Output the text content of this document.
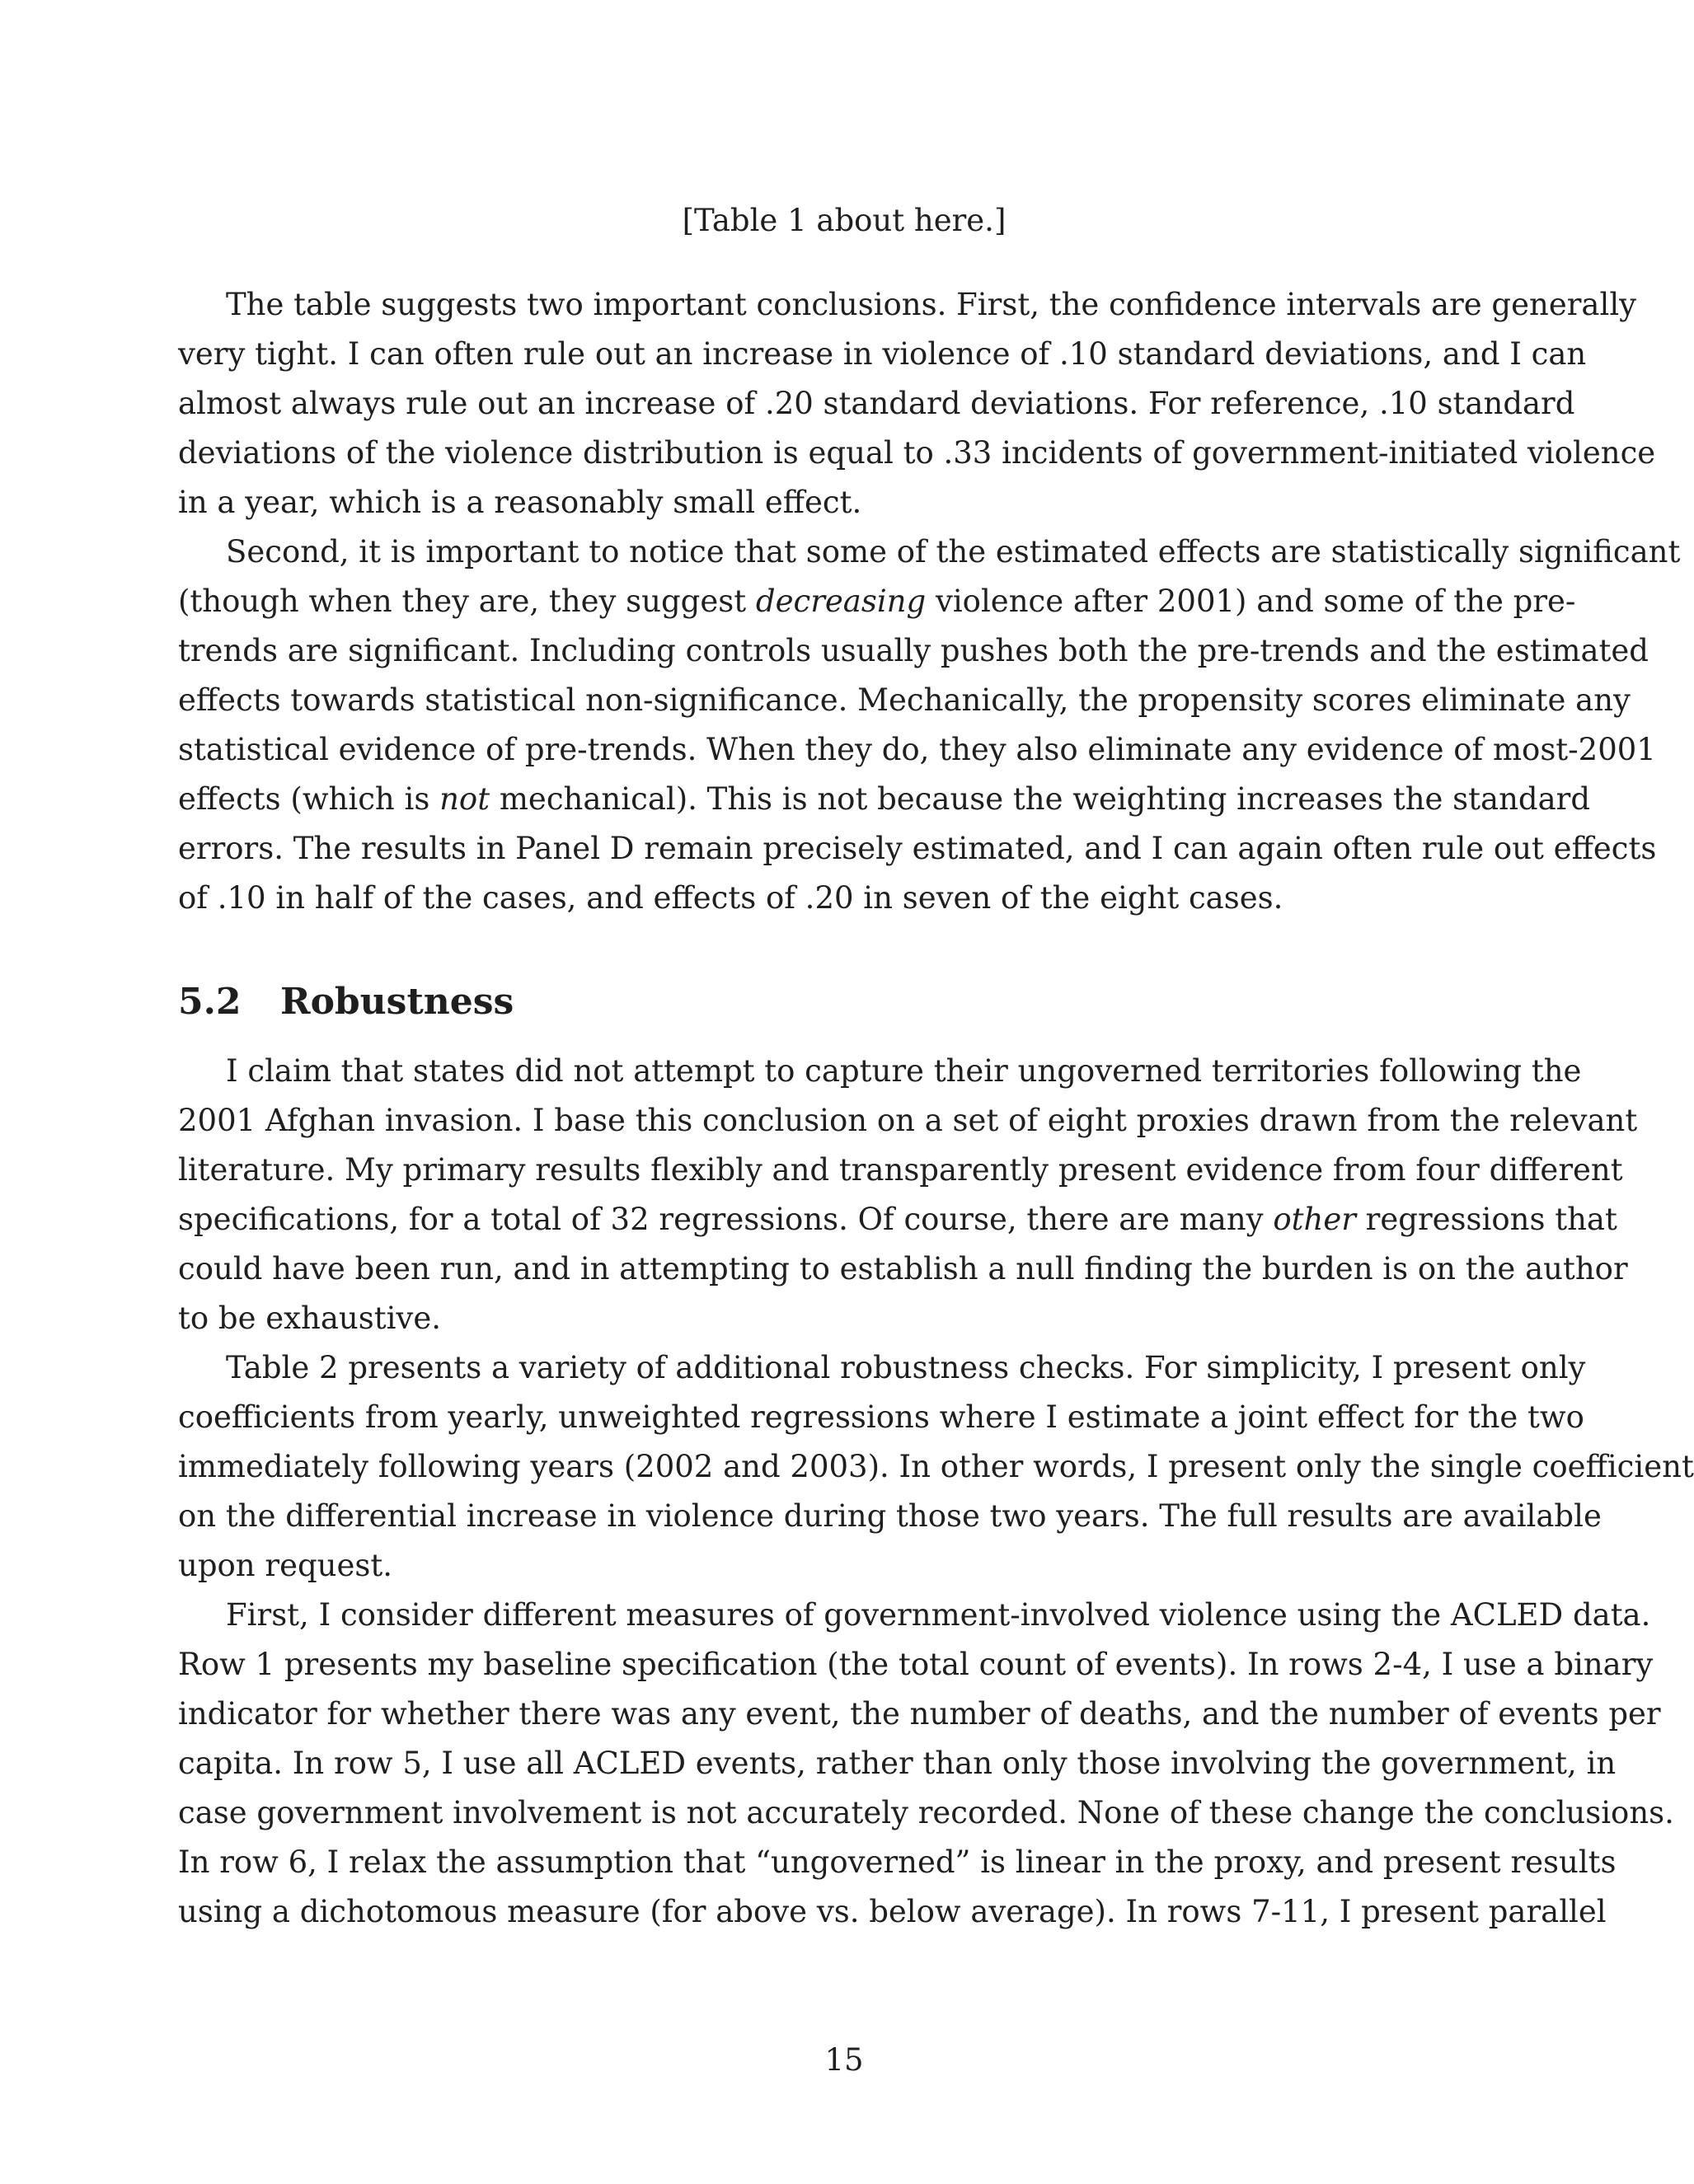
[Table 1 about here.]
The table suggests two important conclusions. First, the confidence intervals are generally
very tight. I can often rule out an increase in violence of .10 standard deviations, and I can
almost always rule out an increase of .20 standard deviations. For reference, .10 standard
deviations of the violence distribution is equal to .33 incidents of government-initiated violence
in a year, which is a reasonably small effect.
Second, it is important to notice that some of the estimated effects are statistically significant
(though when they are, they suggest decreasing violence after 2001) and some of the pre-
trends are significant. Including controls usually pushes both the pre-trends and the estimated
effects towards statistical non-significance. Mechanically, the propensity scores eliminate any
statistical evidence of pre-trends. When they do, they also eliminate any evidence of most-2001
effects (which is not mechanical). This is not because the weighting increases the standard
errors. The results in Panel D remain precisely estimated, and I can again often rule out effects
of .10 in half of the cases, and effects of .20 in seven of the eight cases.
5.2 Robustness
I claim that states did not attempt to capture their ungoverned territories following the
2001 Afghan invasion. I base this conclusion on a set of eight proxies drawn from the relevant
literature. My primary results flexibly and transparently present evidence from four different
specifications, for a total of 32 regressions. Of course, there are many other regressions that
could have been run, and in attempting to establish a null finding the burden is on the author
to be exhaustive.
Table 2 presents a variety of additional robustness checks. For simplicity, I present only
coefficients from yearly, unweighted regressions where I estimate a joint effect for the two
immediately following years (2002 and 2003). In other words, I present only the single coefficient
on the differential increase in violence during those two years. The full results are available
upon request.
First, I consider different measures of government-involved violence using the ACLED data.
Row 1 presents my baseline specification (the total count of events). In rows 2-4, I use a binary
indicator for whether there was any event, the number of deaths, and the number of events per
capita. In row 5, I use all ACLED events, rather than only those involving the government, in
case government involvement is not accurately recorded. None of these change the conclusions.
In row 6, I relax the assumption that “ungoverned” is linear in the proxy, and present results
using a dichotomous measure (for above vs. below average). In rows 7-11, I present parallel
15
